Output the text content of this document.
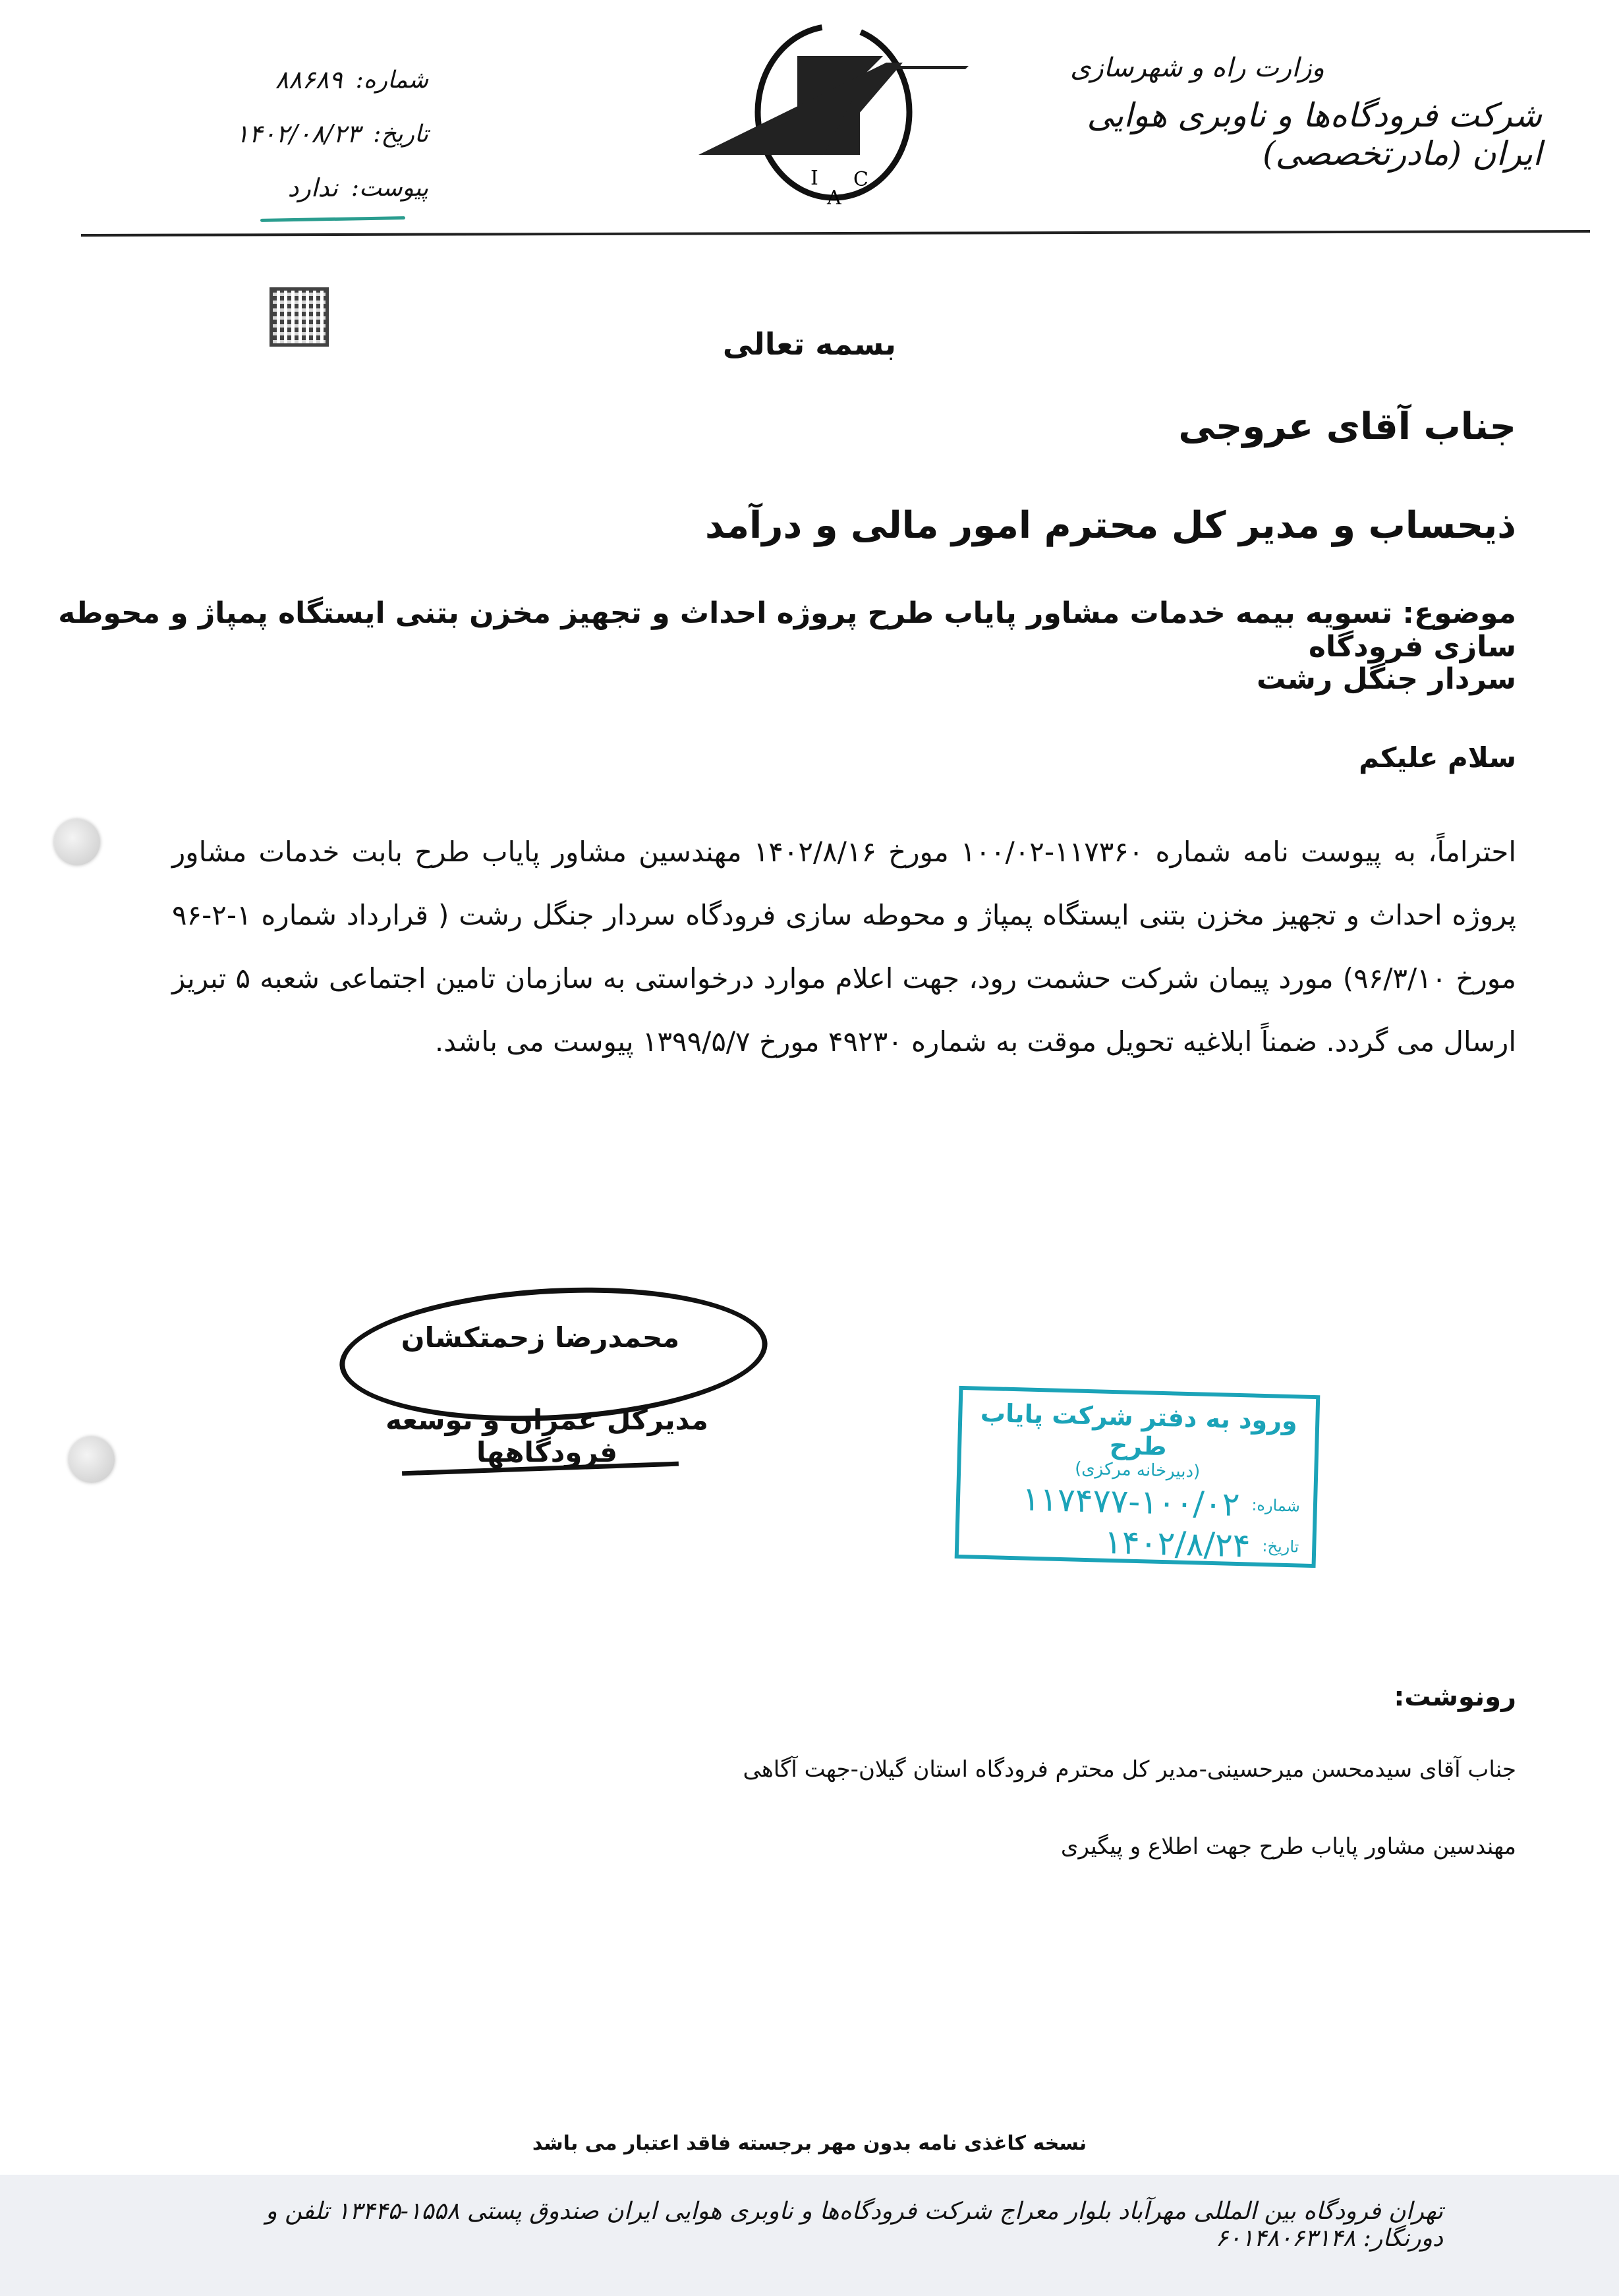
وزارت راه و شهرسازی
شرکت فرودگاه‌ها و ناوبری هوایی ایران (مادرتخصصی)
I
A
C
شماره:
۸۸۶۸۹
تاریخ:
۱۴۰۲/۰۸/۲۳
پیوست:
ندارد
بسمه تعالی
جناب آقای عروجی
ذیحساب و مدیر کل محترم امور مالی و درآمد
موضوع: تسویه بیمه خدمات مشاور پایاب طرح پروژه احداث و تجهیز مخزن بتنی ایستگاه پمپاژ و محوطه سازی فرودگاه
سردار جنگل رشت
سلام علیکم
احتراماً، به پیوست نامه شماره ۱۱۷۳۶۰-۱۰۰/۰۲ مورخ ۱۴۰۲/۸/۱۶ مهندسین مشاور پایاب طرح بابت خدمات مشاور پروژه احداث و تجهیز مخزن بتنی ایستگاه پمپاژ و محوطه سازی فرودگاه سردار جنگل رشت ( قرارداد شماره ۱-۲-۹۶ مورخ ۹۶/۳/۱۰) مورد پیمان شرکت حشمت رود، جهت اعلام موارد درخواستی به سازمان تامین اجتماعی شعبه ۵ تبریز ارسال می گردد. ضمناً ابلاغیه تحویل موقت به شماره ۴۹۲۳۰ مورخ ۱۳۹۹/۵/۷ پیوست می باشد.
محمدرضا زحمتکشان
مدیرکل عمران و توسعه فرودگاهها
ورود به دفتر شرکت پایاب طرح
(دبیرخانه مرکزی)
شماره:
۱۱۷۴۷۷-۱۰۰/۰۲
تاریخ:
۱۴۰۲/۸/۲۴
رونوشت:
جناب آقای سیدمحسن میرحسینی-مدیر کل محترم فرودگاه استان گیلان-جهت آگاهی
مهندسین مشاور پایاب طرح جهت اطلاع و پیگیری
نسخه کاغذی نامه بدون مهر برجسته فاقد اعتبار می باشد
تهران فرودگاه بین المللی مهرآباد بلوار معراج شرکت فرودگاه‌ها و ناوبری هوایی ایران صندوق پستی ۱۵۵۸-۱۳۴۴۵ تلفن و دورنگار: ۶۰۱۴۸۰۶۳۱۴۸
